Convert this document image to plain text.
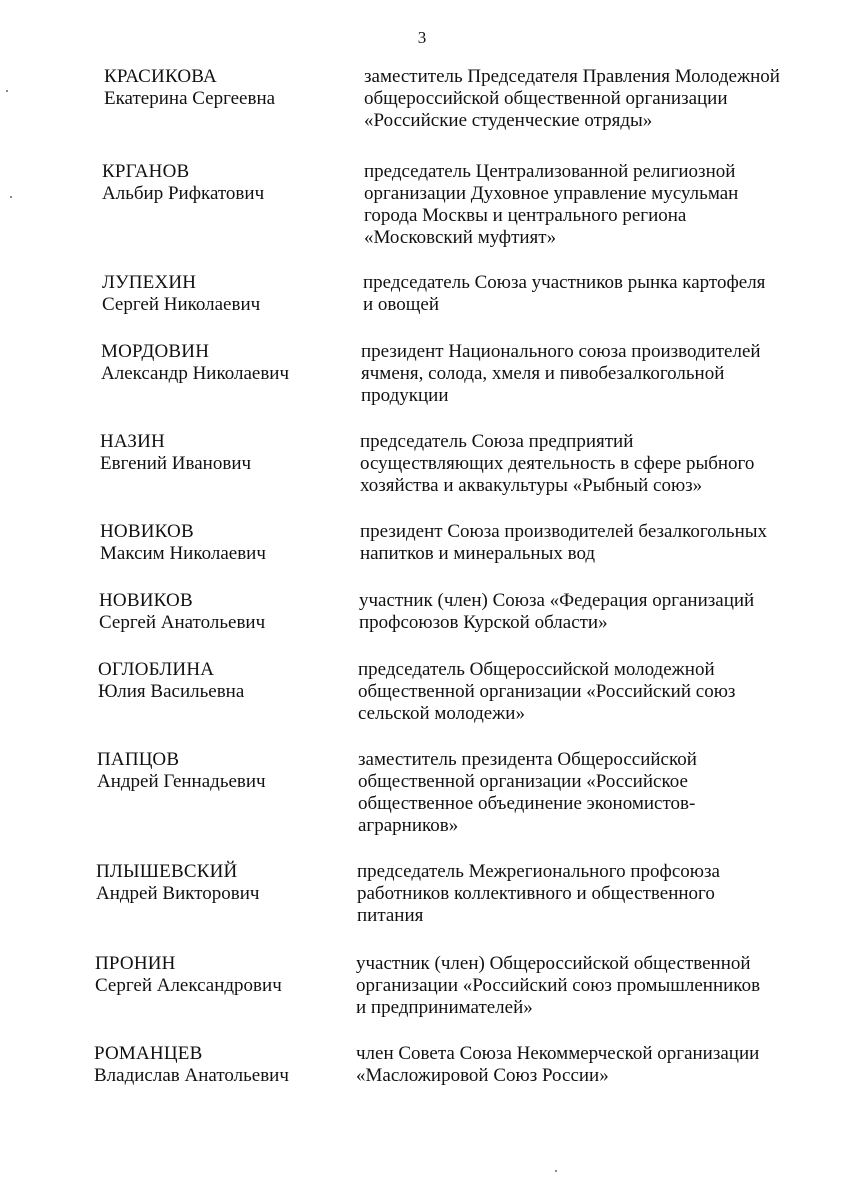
3
КРАСИКОВА
Екатерина Сергеевна
заместитель Председателя Правления Молодежной
общероссийской общественной организации
«Российские студенческие отряды»
КРГАНОВ
Альбир Рифкатович
председатель Централизованной религиозной
организации Духовное управление мусульман
города Москвы и центрального региона
«Московский муфтият»
ЛУПЕХИН
Сергей Николаевич
председатель Союза участников рынка картофеля
и овощей
МОРДОВИН
Александр Николаевич
президент Национального союза производителей
ячменя, солода, хмеля и пивобезалкогольной
продукции
НАЗИН
Евгений Иванович
председатель Союза предприятий
осуществляющих деятельность в сфере рыбного
хозяйства и аквакультуры «Рыбный союз»
НОВИКОВ
Максим Николаевич
президент Союза производителей безалкогольных
напитков и минеральных вод
НОВИКОВ
Сергей Анатольевич
участник (член) Союза «Федерация организаций
профсоюзов Курской области»
ОГЛОБЛИНА
Юлия Васильевна
председатель Общероссийской молодежной
общественной организации «Российский союз
сельской молодежи»
ПАПЦОВ
Андрей Геннадьевич
заместитель президента Общероссийской
общественной организации «Российское
общественное объединение экономистов-
аграрников»
ПЛЫШЕВСКИЙ
Андрей Викторович
председатель Межрегионального профсоюза
работников коллективного и общественного
питания
ПРОНИН
Сергей Александрович
участник (член) Общероссийской общественной
организации «Российский союз промышленников
и предпринимателей»
РОМАНЦЕВ
Владислав Анатольевич
член Совета Союза Некоммерческой организации
«Масложировой Союз России»
